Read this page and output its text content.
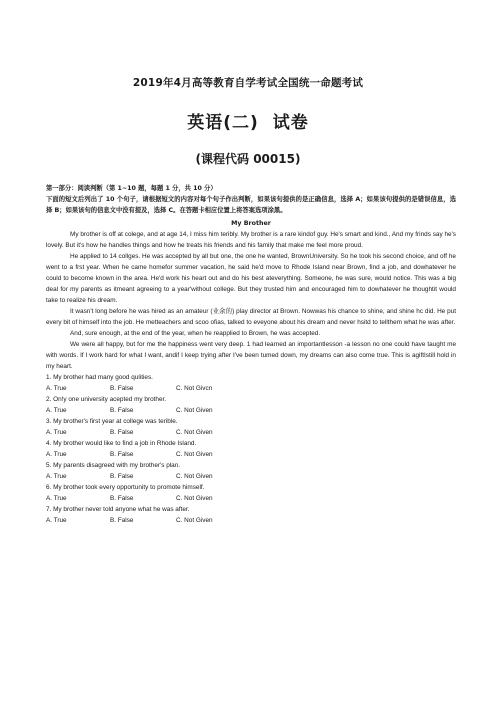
2019年4月高等教育自学考试全国统一命题考试
英语(二) 试卷
(课程代码 00015)
第一部分：阅读判断（第 1~10 题，每题 1 分，共 10 分）
下面的短文后列出了 10 个句子，请根据短文的内容对每个句子作出判断，如果该句提供的是正确信息，选择 A；如果该句提供的是错误信息，选择 B；如果该句的信息文中没有提及，选择 C。在答题卡相应位置上将答案选项涂黑。
My Brother

My brother is off at colege, and at age 14, I miss him teribly. My brother is a rare kindof guy. He's smart and kind., And my frinds say he's lovely. But it's how he handles things and how he treats his friends and his family that make me feel more proud.

He applied to 14 collges. He was accepted by all but one, the one he wanted, BrownUniversity. So he took his second choice, and off he went to a frst year. When he came homefor summer vacation, he said he'd move to Rhode Island near Brown, find a job, and dowhatever he could to become known in the area. He'd work his heart out and do his best ateverything. Someone, he was sure, would notice. This was a big deal for my parents as itmeant agreeing to a year'without college. But they trusted him and encouraged him to dowhatever he thoughtit would take to realize his dream.

It wasn't long before he was hired as an amateur (业余的) play director at Brown. Nowwas his chance to shine, and shine hc did. He put every bit of himself into the job. He metteachers and scoo ofias, talked to eveyone about his dream and never hsitd to tellthem what he was after.

And, sure enough, at the end of the year, when he reapplied to Brown, he was accepted.

We were all happy, but for me the happiness went very deep. 1 had learned an importantlesson -a lesson no one could have taught me with words. If I work hard for what I want, andif I keep trying after I've been tumed down, my dreams can also come true. This is agiftIstill hold in my heart.

1. My brother had many good qulities.

A. True	B. False	C. Not Givcn

2. On!y one university acepted my brother.

A. True	B. False	C. Not Given

3. My brother's first year at college was terible.

A. True	B. False	C. Not Given

4. My brother would like to find a job in Rhode Island.

A. True	B. False	C. Not Given

5. My parents disagreed with my brother's plan.

A. True	B. False	C. Not Given

6. My brother took every opportunity to promote himself.

A. True	B. False	C. Not Given

7. My brother never told anyone what he was after.

A. True	B. False	C. Not Given
